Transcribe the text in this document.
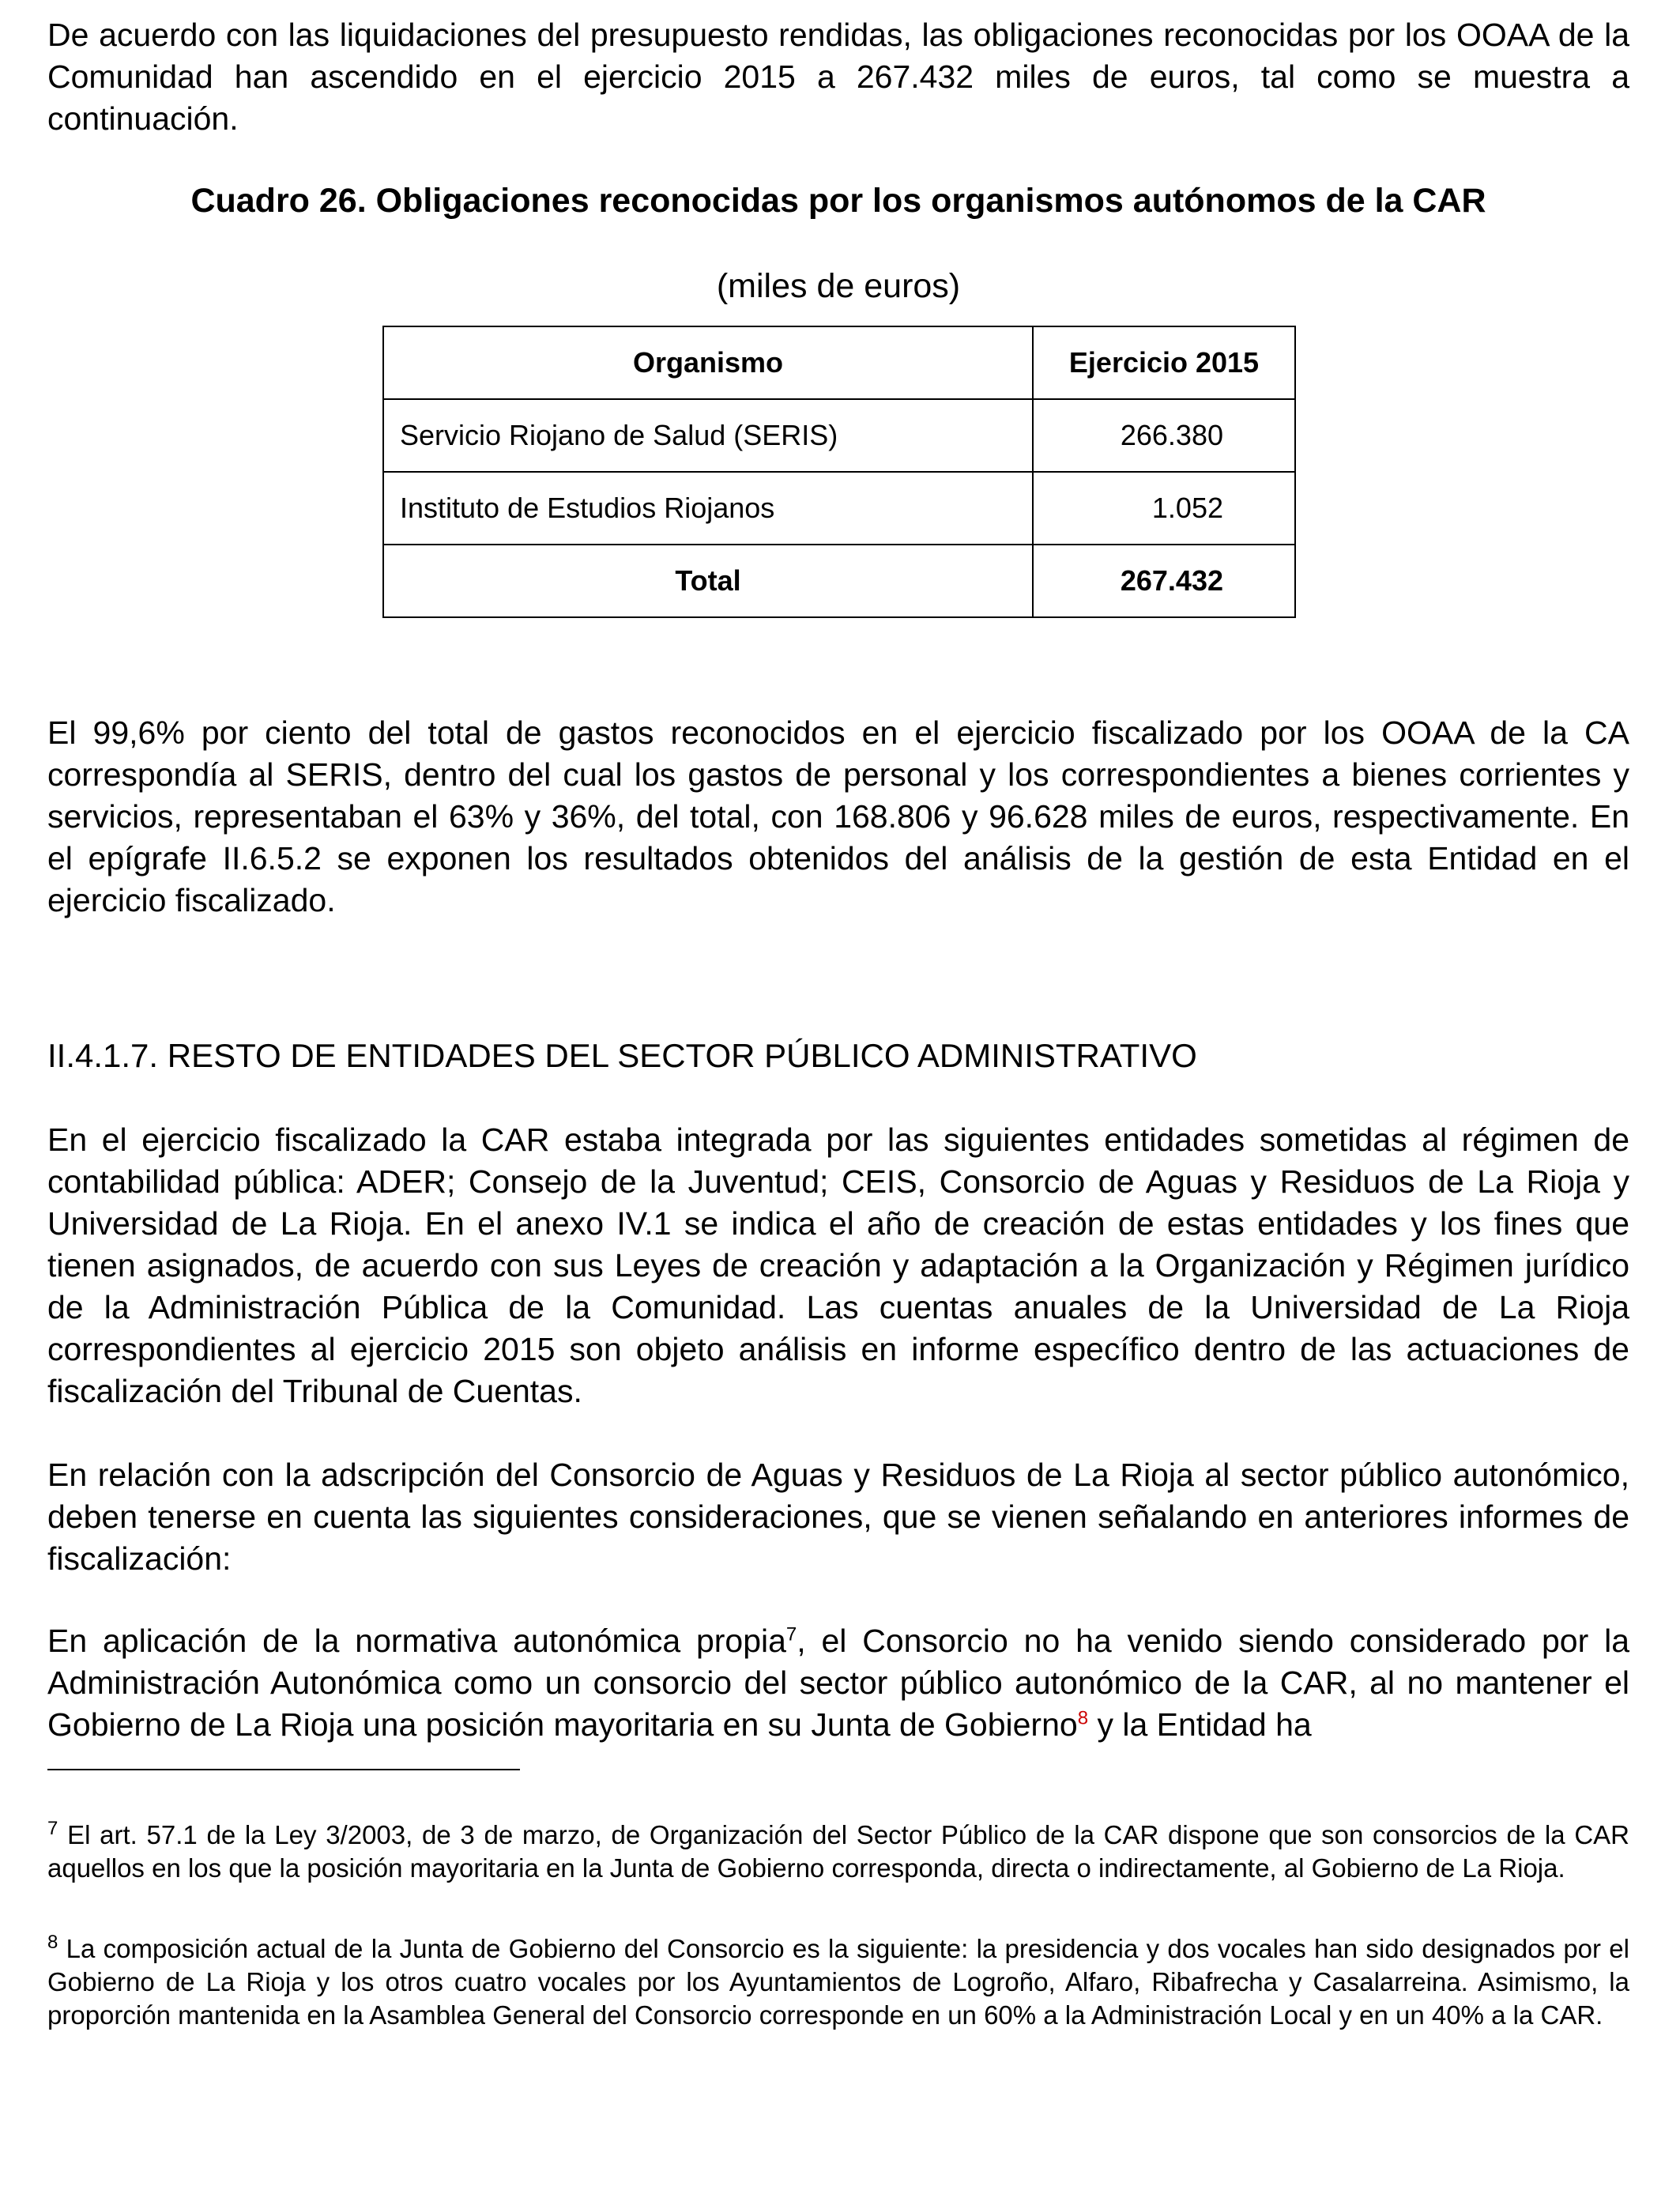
De acuerdo con las liquidaciones del presupuesto rendidas, las obligaciones reconocidas por los OOAA de la Comunidad han ascendido en el ejercicio 2015 a 267.432 miles de euros, tal como se muestra a continuación.

Cuadro 26. Obligaciones reconocidas por los organismos autónomos de la CAR

(miles de euros)

Organismo	Ejercicio 2015
Servicio Riojano de Salud (SERIS)	266.380
Instituto de Estudios Riojanos	1.052
Total	267.432

El 99,6% por ciento del total de gastos reconocidos en el ejercicio fiscalizado por los OOAA de la CA correspondía al SERIS, dentro del cual los gastos de personal y los correspondientes a bienes corrientes y servicios, representaban el 63% y 36%, del total, con 168.806 y 96.628 miles de euros, respectivamente. En el epígrafe II.6.5.2 se exponen los resultados obtenidos del análisis de la gestión de esta Entidad en el ejercicio fiscalizado.

II.4.1.7. RESTO DE ENTIDADES DEL SECTOR PÚBLICO ADMINISTRATIVO

En el ejercicio fiscalizado la CAR estaba integrada por las siguientes entidades sometidas al régimen de contabilidad pública: ADER; Consejo de la Juventud; CEIS, Consorcio de Aguas y Residuos de La Rioja y Universidad de La Rioja. En el anexo IV.1 se indica el año de creación de estas entidades y los fines que tienen asignados, de acuerdo con sus Leyes de creación y adaptación a la Organización y Régimen jurídico de la Administración Pública de la Comunidad. Las cuentas anuales de la Universidad de La Rioja correspondientes al ejercicio 2015 son objeto análisis en informe específico dentro de las actuaciones de fiscalización del Tribunal de Cuentas.

En relación con la adscripción del Consorcio de Aguas y Residuos de La Rioja al sector público autonómico, deben tenerse en cuenta las siguientes consideraciones, que se vienen señalando en anteriores informes de fiscalización:

En aplicación de la normativa autonómica propia$^7$, el Consorcio no ha venido siendo considerado por la Administración Autonómica como un consorcio del sector público autonómico de la CAR, al no mantener el Gobierno de La Rioja una posición mayoritaria en su Junta de Gobierno$^8$ y la Entidad ha

$^7$ El art. 57.1 de la Ley 3/2003, de 3 de marzo, de Organización del Sector Público de la CAR dispone que son consorcios de la CAR aquellos en los que la posición mayoritaria en la Junta de Gobierno corresponda, directa o indirectamente, al Gobierno de La Rioja.

$^8$ La composición actual de la Junta de Gobierno del Consorcio es la siguiente: la presidencia y dos vocales han sido designados por el Gobierno de La Rioja y los otros cuatro vocales por los Ayuntamientos de Logroño, Alfaro, Ribafrecha y Casalarreina. Asimismo, la proporción mantenida en la Asamblea General del Consorcio corresponde en un 60% a la Administración Local y en un 40% a la CAR.
